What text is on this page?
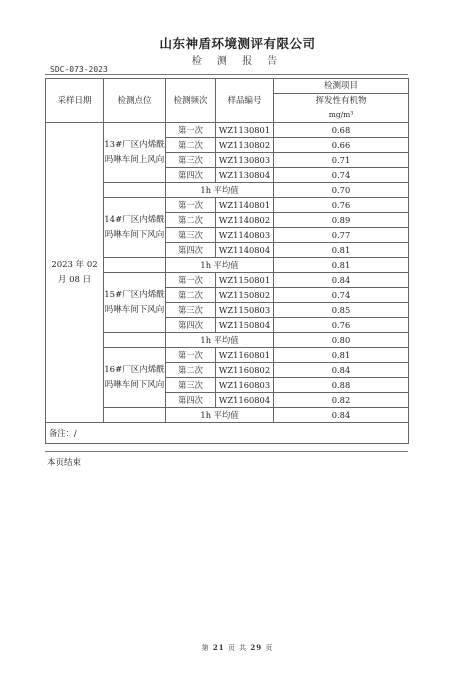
山东神盾环境测评有限公司
检 测 报 告
SDC-073-2023
采样日期	检测点位	检测频次	样品编号	检测项目
				挥发性有机物
				mg/m³
2023 年 02 月 08 日	13#厂区内烯酰吗啉车间上风向	第一次	WZ1130801	0.68
		第二次	WZ1130802	0.66
		第三次	WZ1130803	0.71
		第四次	WZ1130804	0.74
		1h 平均值		0.70
	14#厂区内烯酰吗啉车间下风向	第一次	WZ1140801	0.76
		第二次	WZ1140802	0.89
		第三次	WZ1140803	0.77
		第四次	WZ1140804	0.81
		1h 平均值		0.81
	15#厂区内烯酰吗啉车间下风向	第一次	WZ1150801	0.84
		第二次	WZ1150802	0.74
		第三次	WZ1150803	0.85
		第四次	WZ1150804	0.76
		1h 平均值		0.80
	16#厂区内烯酰吗啉车间下风向	第一次	WZ1160801	0.81
		第二次	WZ1160802	0.84
		第三次	WZ1160803	0.88
		第四次	WZ1160804	0.82
		1h 平均值		0.84
备注：/				
本页结束
第 21 页 共 29 页
